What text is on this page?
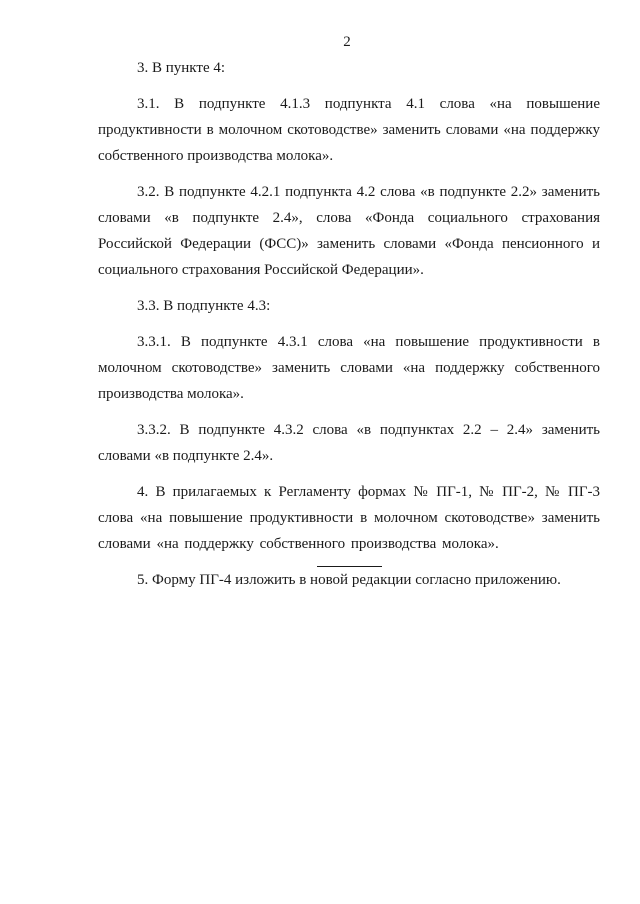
2

3. В пункте 4:

3.1. В подпункте 4.1.3 подпункта 4.1 слова «на повышение продуктивности в молочном скотоводстве» заменить словами «на поддержку собственного производства молока».

3.2. В подпункте 4.2.1 подпункта 4.2 слова «в подпункте 2.2» заменить словами «в подпункте 2.4», слова «Фонда социального страхования Российской Федерации (ФСС)» заменить словами «Фонда пенсионного и социального страхования Российской Федерации».

3.3. В подпункте 4.3:

3.3.1. В подпункте 4.3.1 слова «на повышение продуктивности в молочном скотоводстве» заменить словами «на поддержку собственного производства молока».

3.3.2. В подпункте 4.3.2 слова «в подпунктах 2.2 – 2.4» заменить словами «в подпункте 2.4».

4. В прилагаемых к Регламенту формах № ПГ-1, № ПГ-2, № ПГ-3 слова «на повышение продуктивности в молочном скотоводстве» заменить словами «на поддержку собственного производства молока».

5. Форму ПГ-4 изложить в новой редакции согласно приложению.
